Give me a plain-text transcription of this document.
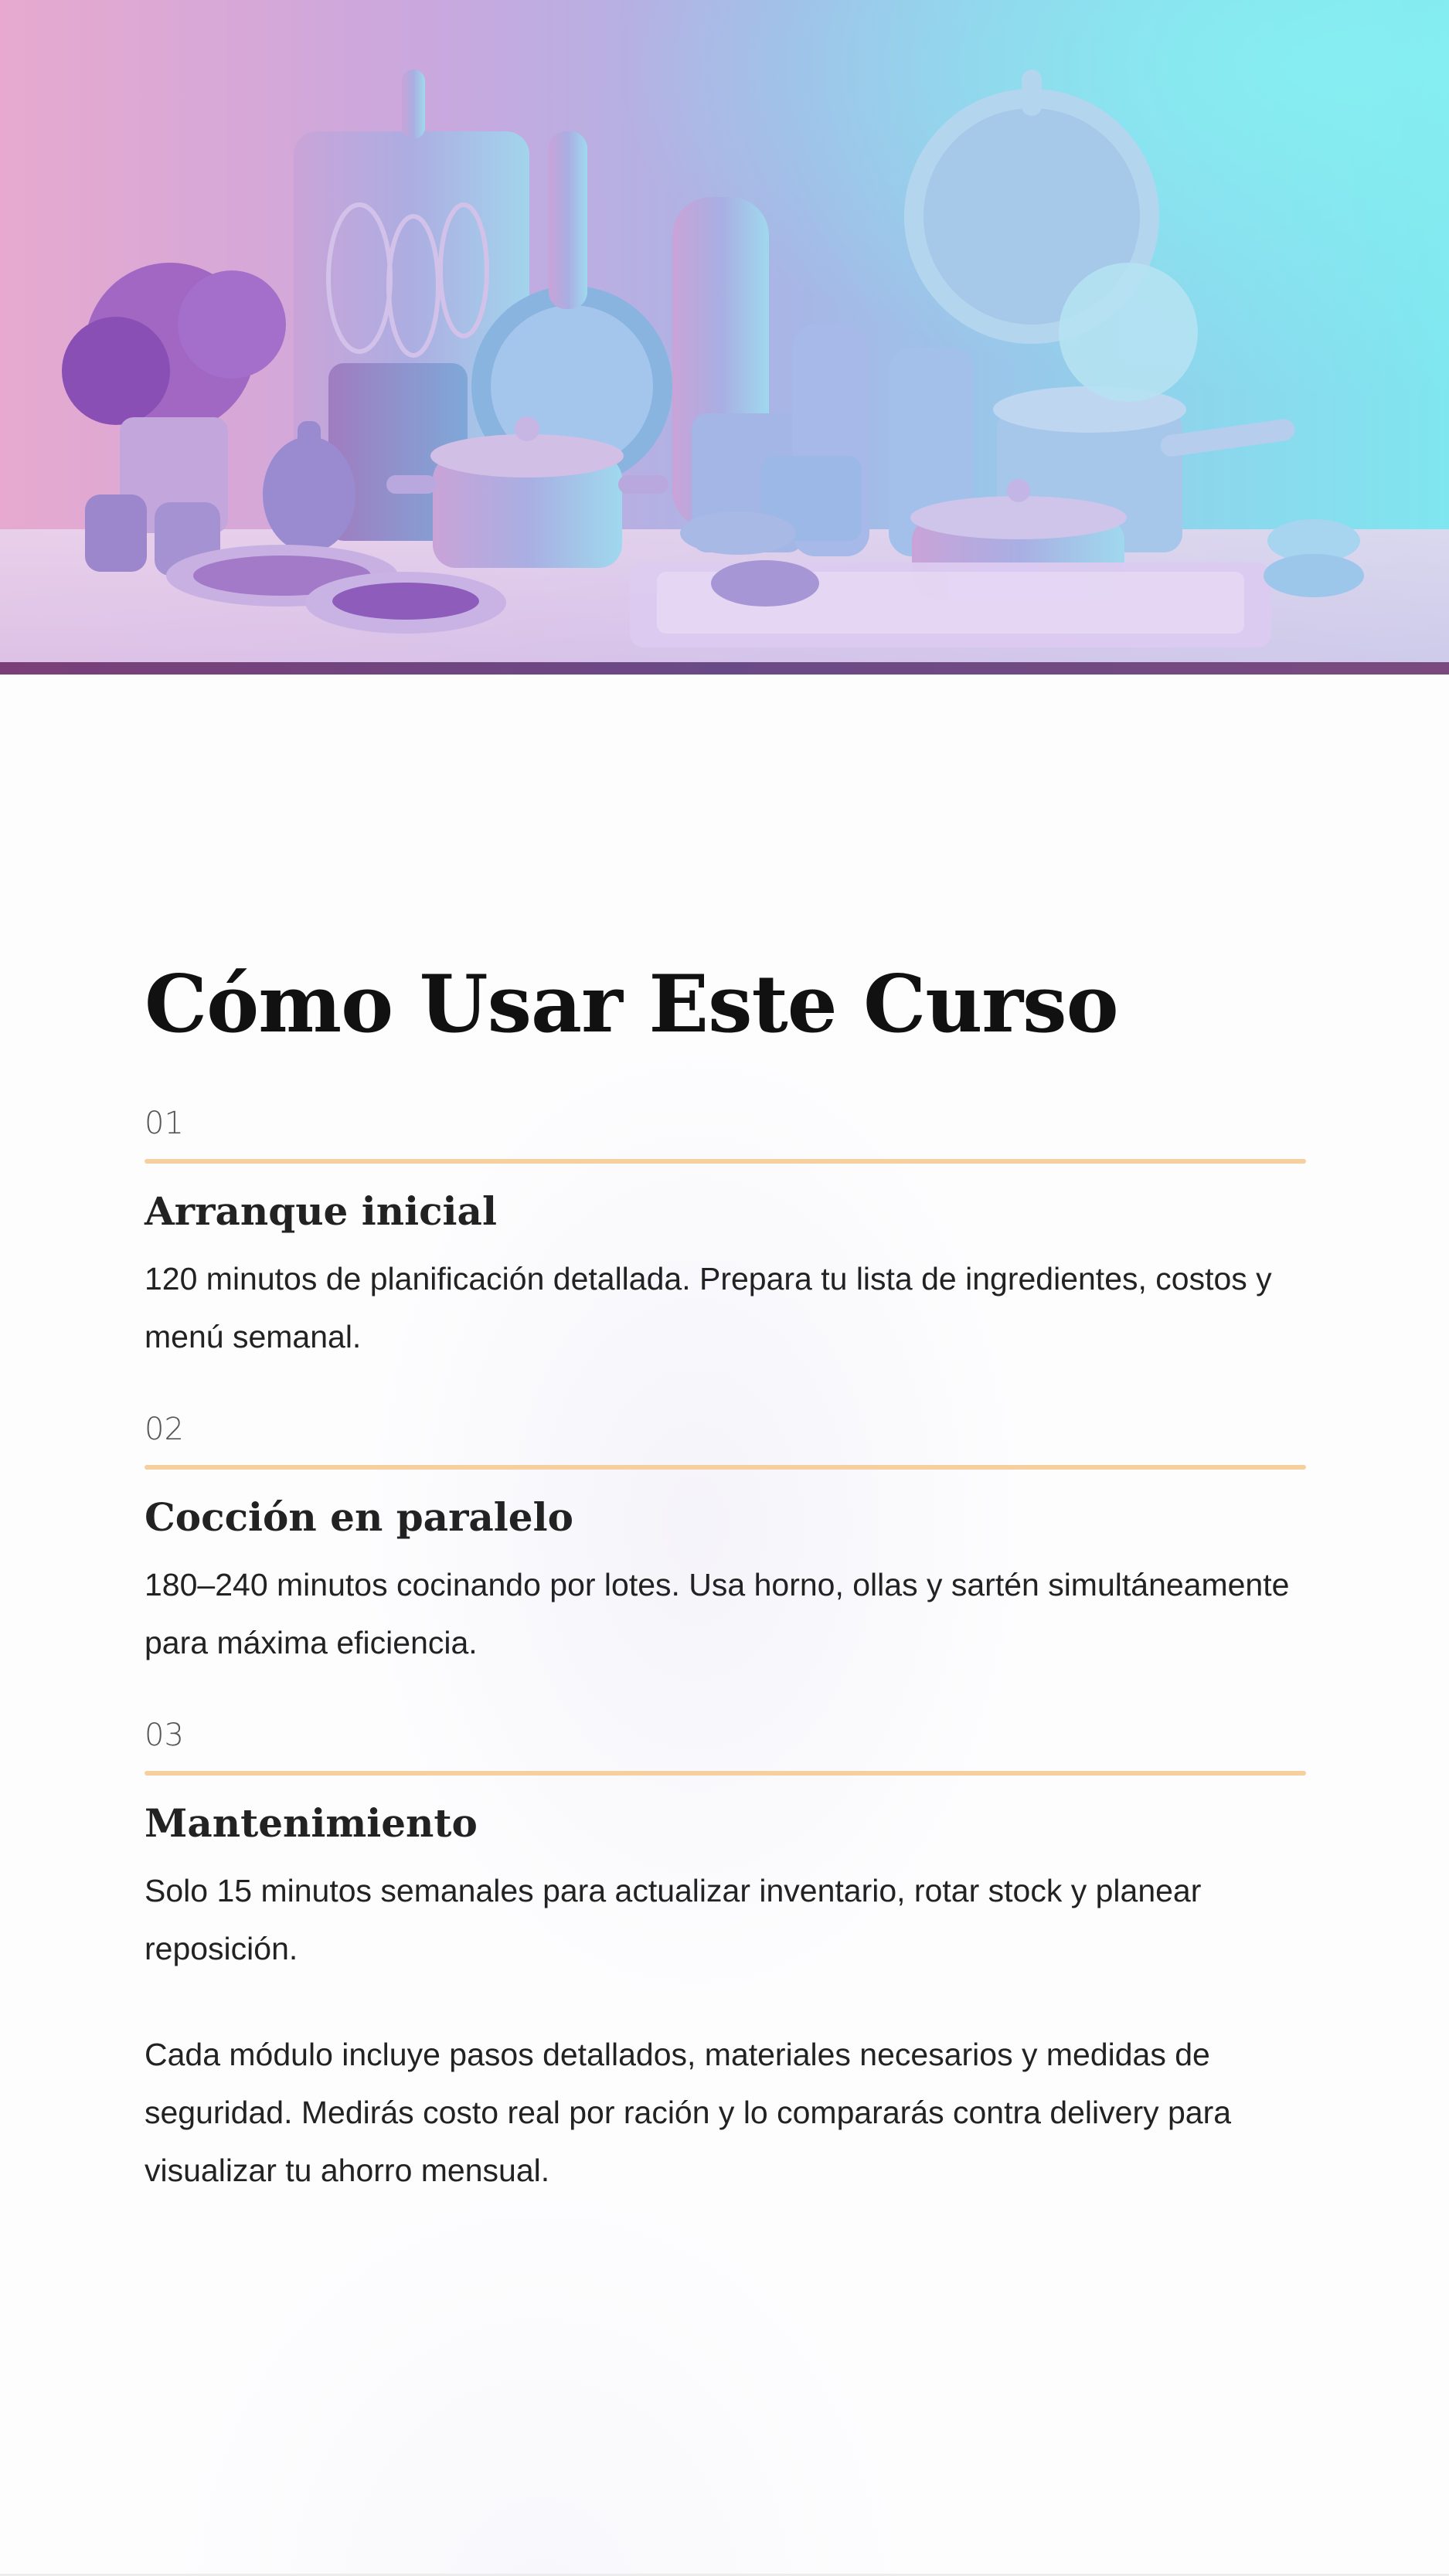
Cómo Usar Este Curso
01
Arranque inicial

120 minutos de planificación detallada. Prepara tu lista de ingredientes, costos y menú semanal.

02
Cocción en paralelo

180–240 minutos cocinando por lotes. Usa horno, ollas y sartén simultáneamente para máxima eficiencia.

03
Mantenimiento

Solo 15 minutos semanales para actualizar inventario, rotar stock y planear reposición.

Cada módulo incluye pasos detallados, materiales necesarios y medidas de seguridad. Medirás costo real por ración y lo compararás contra delivery para visualizar tu ahorro mensual.
